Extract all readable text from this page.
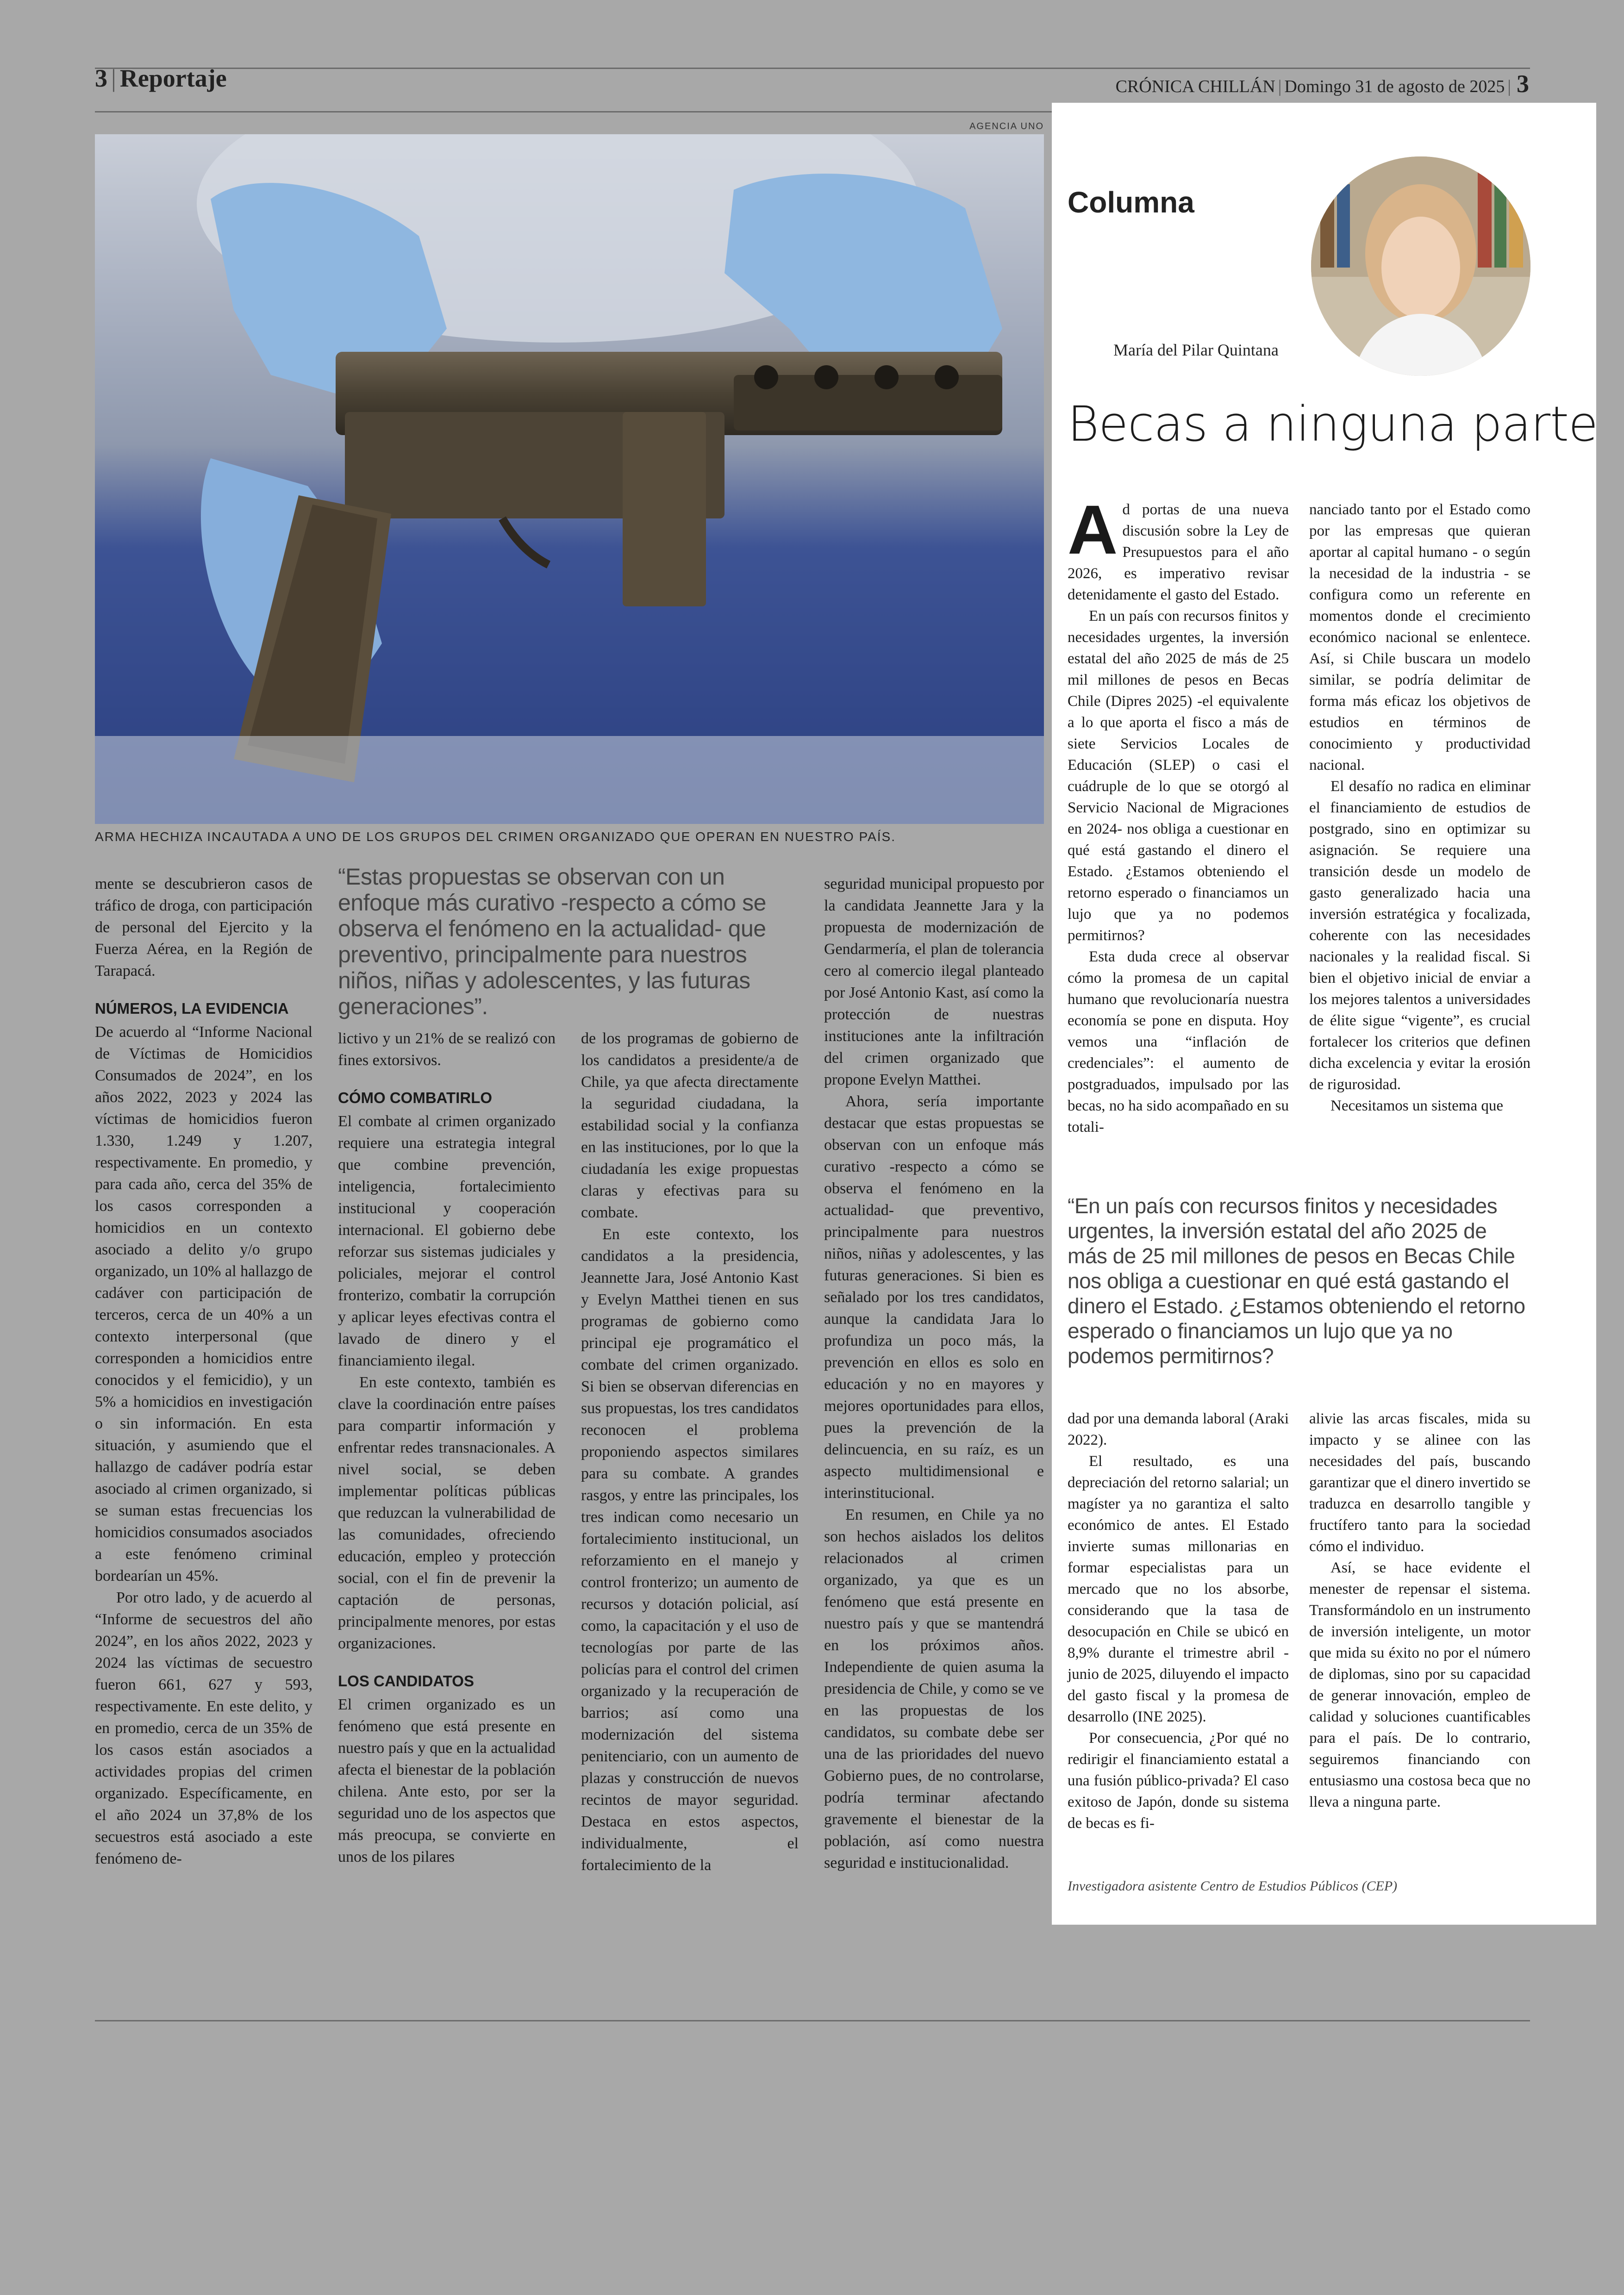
3 | Reportaje	CRÓNICA CHILLÁN | Domingo 31 de agosto de 2025 | 3
AGENCIA UNO
ARMA HECHIZA INCAUTADA A UNO DE LOS GRUPOS DEL CRIMEN ORGANIZADO QUE OPERAN EN NUESTRO PAÍS.

mente se descubrieron casos de tráfico de droga, con participación de personal del Ejercito y la Fuerza Aérea, en la Región de Tarapacá.

NÚMEROS, LA EVIDENCIA

De acuerdo al “Informe Nacional de Víctimas de Homicidios Consumados de 2024”, en los años 2022, 2023 y 2024 las víctimas de homicidios fueron 1.330, 1.249 y 1.207, respectivamente. En promedio, y para cada año, cerca del 35% de los casos corresponden a homicidios en un contexto asociado a delito y/o grupo organizado, un 10% al hallazgo de cadáver con participación de terceros, cerca de un 40% a un contexto interpersonal (que corresponden a homicidios entre conocidos y el femicidio), y un 5% a homicidios en investigación o sin información. En esta situación, y asumiendo que el hallazgo de cadáver podría estar asociado al crimen organizado, si se suman estas frecuencias los homicidios consumados asociados a este fenómeno criminal bordearían un 45%.

Por otro lado, y de acuerdo al “Informe de secuestros del año 2024”, en los años 2022, 2023 y 2024 las víctimas de secuestro fueron 661, 627 y 593, respectivamente. En este delito, y en promedio, cerca de un 35% de los casos están asociados a actividades propias del crimen organizado. Específicamente, en el año 2024 un 37,8% de los secuestros está asociado a este fenómeno de-

“Estas propuestas se observan con un enfoque más curativo -respecto a cómo se observa el fenómeno en la actualidad- que preventivo, principalmente para nuestros niños, niñas y adolescentes, y las futuras generaciones”.

lictivo y un 21% de se realizó con fines extorsivos.

CÓMO COMBATIRLO

El combate al crimen organizado requiere una estrategia integral que combine prevención, inteligencia, fortalecimiento institucional y cooperación internacional. El gobierno debe reforzar sus sistemas judiciales y policiales, mejorar el control fronterizo, combatir la corrupción y aplicar leyes efectivas contra el lavado de dinero y el financiamiento ilegal.

En este contexto, también es clave la coordinación entre países para compartir información y enfrentar redes transnacionales. A nivel social, se deben implementar políticas públicas que reduzcan la vulnerabilidad de las comunidades, ofreciendo educación, empleo y protección social, con el fin de prevenir la captación de personas, principalmente menores, por estas organizaciones.

LOS CANDIDATOS

El crimen organizado es un fenómeno que está presente en nuestro país y que en la actualidad afecta el bienestar de la población chilena. Ante esto, por ser la seguridad uno de los aspectos que más preocupa, se convierte en unos de los pilares

de los programas de gobierno de los candidatos a presidente/a de Chile, ya que afecta directamente la seguridad ciudadana, la estabilidad social y la confianza en las instituciones, por lo que la ciudadanía les exige propuestas claras y efectivas para su combate.

En este contexto, los candidatos a la presidencia, Jeannette Jara, José Antonio Kast y Evelyn Matthei tienen en sus programas de gobierno como principal eje programático el combate del crimen organizado. Si bien se observan diferencias en sus propuestas, los tres candidatos reconocen el problema proponiendo aspectos similares para su combate. A grandes rasgos, y entre las principales, los tres indican como necesario un fortalecimiento institucional, un reforzamiento en el manejo y control fronterizo; un aumento de recursos y dotación policial, así como, la capacitación y el uso de tecnologías por parte de las policías para el control del crimen organizado y la recuperación de barrios; así como una modernización del sistema penitenciario, con un aumento de plazas y construcción de nuevos recintos de mayor seguridad. Destaca en estos aspectos, individualmente, el fortalecimiento de la

seguridad municipal propuesto por la candidata Jeannette Jara y la propuesta de modernización de Gendarmería, el plan de tolerancia cero al comercio ilegal planteado por José Antonio Kast, así como la protección de nuestras instituciones ante la infiltración del crimen organizado que propone Evelyn Matthei.

Ahora, sería importante destacar que estas propuestas se observan con un enfoque más curativo -respecto a cómo se observa el fenómeno en la actualidad- que preventivo, principalmente para nuestros niños, niñas y adolescentes, y las futuras generaciones. Si bien es señalado por los tres candidatos, aunque la candidata Jara lo profundiza un poco más, la prevención en ellos es solo en educación y no en mayores y mejores oportunidades para ellos, pues la prevención de la delincuencia, en su raíz, es un aspecto multidimensional e interinstitucional.

En resumen, en Chile ya no son hechos aislados los delitos relacionados al crimen organizado, ya que es un fenómeno que está presente en nuestro país y que se mantendrá en los próximos años. Independiente de quien asuma la presidencia de Chile, y como se ve en las propuestas de los candidatos, su combate debe ser una de las prioridades del nuevo Gobierno pues, de no controlarse, podría terminar afectando gravemente el bienestar de la población, así como nuestra seguridad e institucionalidad.

Columna
María del Pilar Quintana
Becas a ninguna parte

Ad portas de una nueva discusión sobre la Ley de Presupuestos para el año 2026, es imperativo revisar detenidamente el gasto del Estado.

En un país con recursos finitos y necesidades urgentes, la inversión estatal del año 2025 de más de 25 mil millones de pesos en Becas Chile (Dipres 2025) -el equivalente a lo que aporta el fisco a más de siete Servicios Locales de Educación (SLEP) o casi el cuádruple de lo que se otorgó al Servicio Nacional de Migraciones en 2024- nos obliga a cuestionar en qué está gastando el dinero el Estado. ¿Estamos obteniendo el retorno esperado o financiamos un lujo que ya no podemos permitirnos?

Esta duda crece al observar cómo la promesa de un capital humano que revolucionaría nuestra economía se pone en disputa. Hoy vemos una “inflación de credenciales”: el aumento de postgraduados, impulsado por las becas, no ha sido acompañado en su totali-

nanciado tanto por el Estado como por las empresas que quieran aportar al capital humano - o según la necesidad de la industria - se configura como un referente en momentos donde el crecimiento económico nacional se enlentece. Así, si Chile buscara un modelo similar, se podría delimitar de forma más eficaz los objetivos de estudios en términos de conocimiento y productividad nacional.

El desafío no radica en eliminar el financiamiento de estudios de postgrado, sino en optimizar su asignación. Se requiere una transición desde un modelo de gasto generalizado hacia una inversión estratégica y focalizada, coherente con las necesidades nacionales y la realidad fiscal. Si bien el objetivo inicial de enviar a los mejores talentos a universidades de élite sigue “vigente”, es crucial fortalecer los criterios que definen dicha excelencia y evitar la erosión de rigurosidad.

Necesitamos un sistema que

“En un país con recursos finitos y necesidades urgentes, la inversión estatal del año 2025 de más de 25 mil millones de pesos en Becas Chile nos obliga a cuestionar en qué está gastando el dinero el Estado. ¿Estamos obteniendo el retorno esperado o financiamos un lujo que ya no podemos permitirnos?

dad por una demanda laboral (Araki 2022).

El resultado, es una depreciación del retorno salarial; un magíster ya no garantiza el salto económico de antes. El Estado invierte sumas millonarias en formar especialistas para un mercado que no los absorbe, considerando que la tasa de desocupación en Chile se ubicó en 8,9% durante el trimestre abril - junio de 2025, diluyendo el impacto del gasto fiscal y la promesa de desarrollo (INE 2025).

Por consecuencia, ¿Por qué no redirigir el financiamiento estatal a una fusión público-privada? El caso exitoso de Japón, donde su sistema de becas es fi-

alivie las arcas fiscales, mida su impacto y se alinee con las necesidades del país, buscando garantizar que el dinero invertido se traduzca en desarrollo tangible y fructífero tanto para la sociedad cómo el individuo.

Así, se hace evidente el menester de repensar el sistema. Transformándolo en un instrumento de inversión inteligente, un motor que mida su éxito no por el número de diplomas, sino por su capacidad de generar innovación, empleo de calidad y soluciones cuantificables para el país. De lo contrario, seguiremos financiando con entusiasmo una costosa beca que no lleva a ninguna parte.

Investigadora asistente Centro de Estudios Públicos (CEP)
